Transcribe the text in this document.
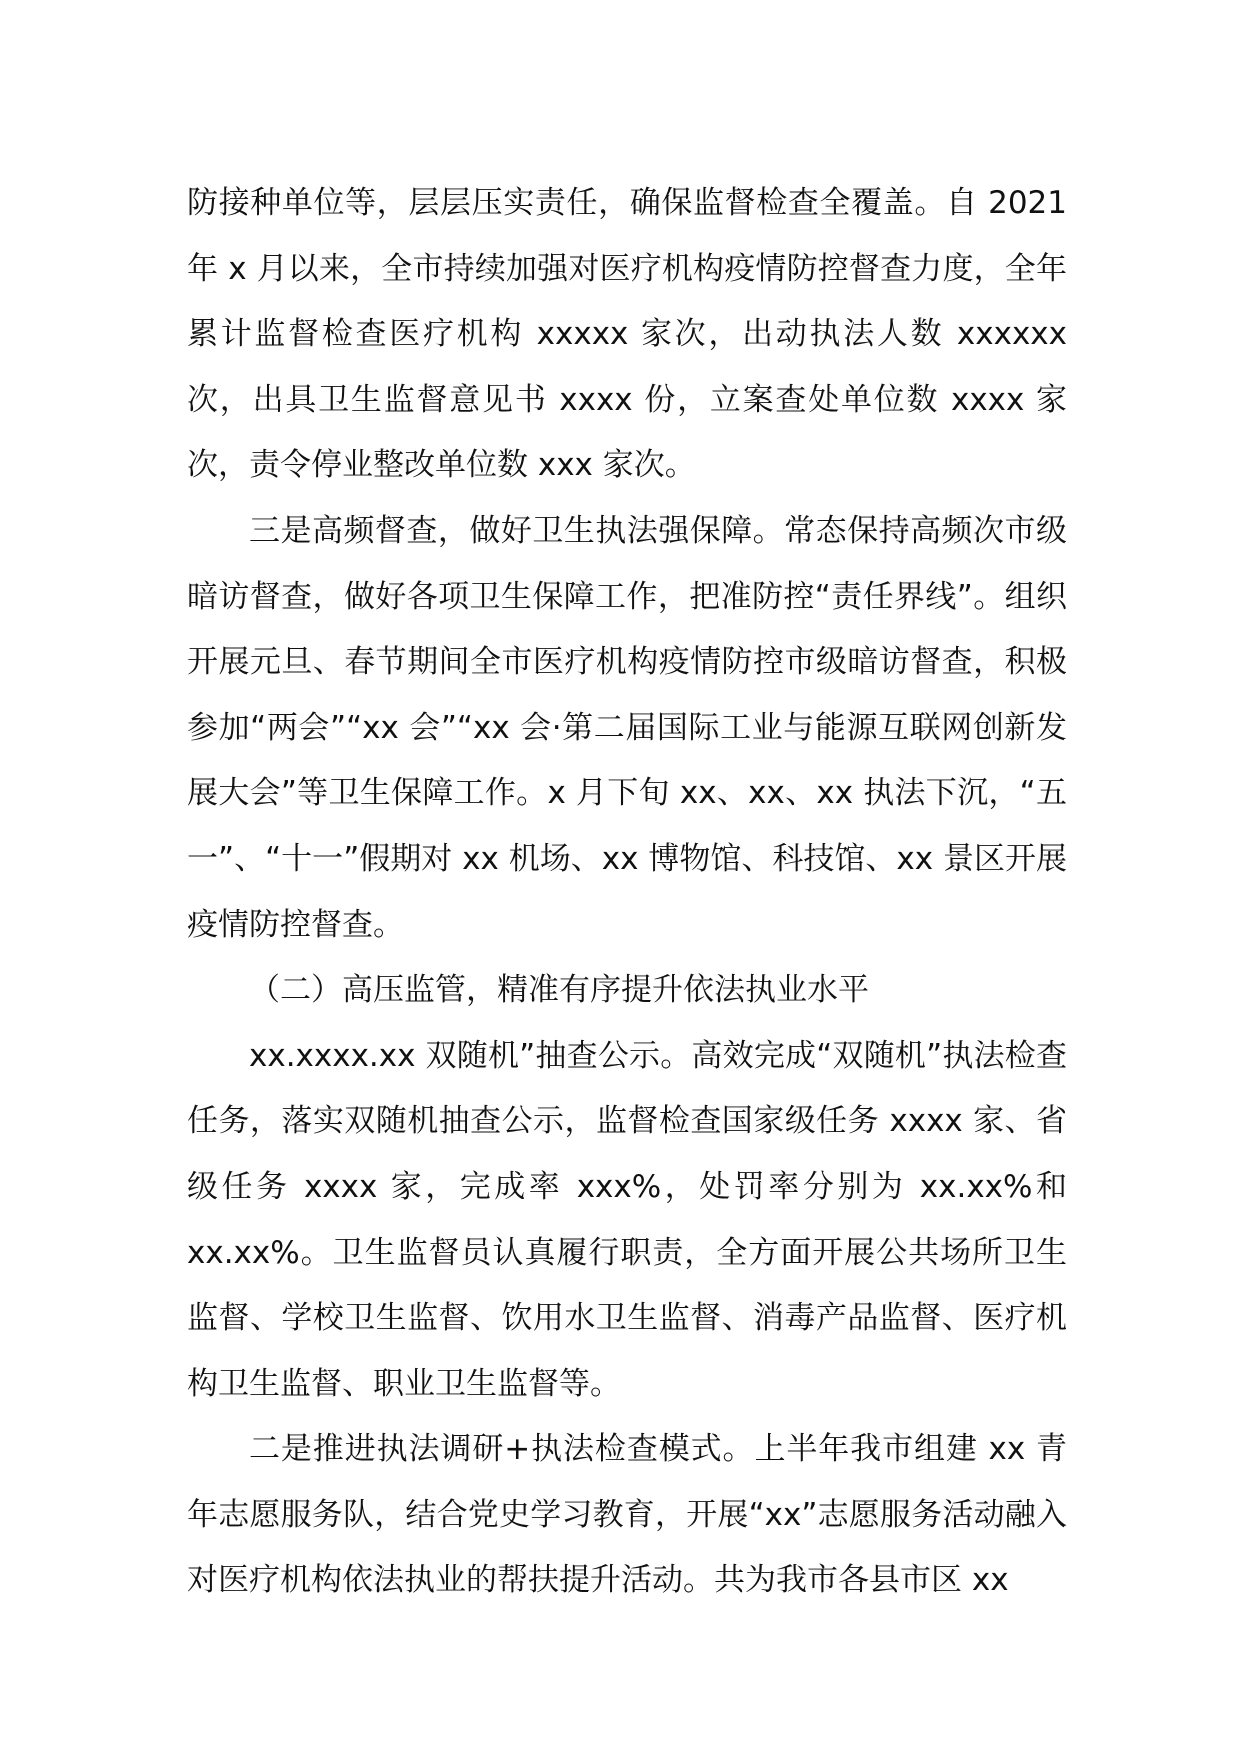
防接种单位等，层层压实责任，确保监督检查全覆盖。自 2021 年 x 月以来，全市持续加强对医疗机构疫情防控督查力度，全年累计监督检查医疗机构 xxxxx 家次，出动执法人数 xxxxxx 次，出具卫生监督意见书 xxxx 份，立案查处单位数 xxxx 家次，责令停业整改单位数 xxx 家次。

三是高频督查，做好卫生执法强保障。常态保持高频次市级暗访督查，做好各项卫生保障工作，把准防控“责任界线”。组织开展元旦、春节期间全市医疗机构疫情防控市级暗访督查，积极参加“两会”“xx 会”“xx 会·第二届国际工业与能源互联网创新发展大会”等卫生保障工作。x 月下旬 xx、xx、xx 执法下沉，“五一”、“十一”假期对 xx 机场、xx 博物馆、科技馆、xx 景区开展疫情防控督查。

（二）高压监管，精准有序提升依法执业水平

xx.xxxx.xx 双随机”抽查公示。高效完成“双随机”执法检查任务，落实双随机抽查公示，监督检查国家级任务 xxxx 家、省级任务 xxxx 家，完成率 xxx%，处罚率分别为 xx.xx%和 xx.xx%。卫生监督员认真履行职责，全方面开展公共场所卫生监督、学校卫生监督、饮用水卫生监督、消毒产品监督、医疗机构卫生监督、职业卫生监督等。

二是推进执法调研+执法检查模式。上半年我市组建 xx 青年志愿服务队，结合党史学习教育，开展“xx”志愿服务活动融入对医疗机构依法执业的帮扶提升活动。共为我市各县市区 xx
